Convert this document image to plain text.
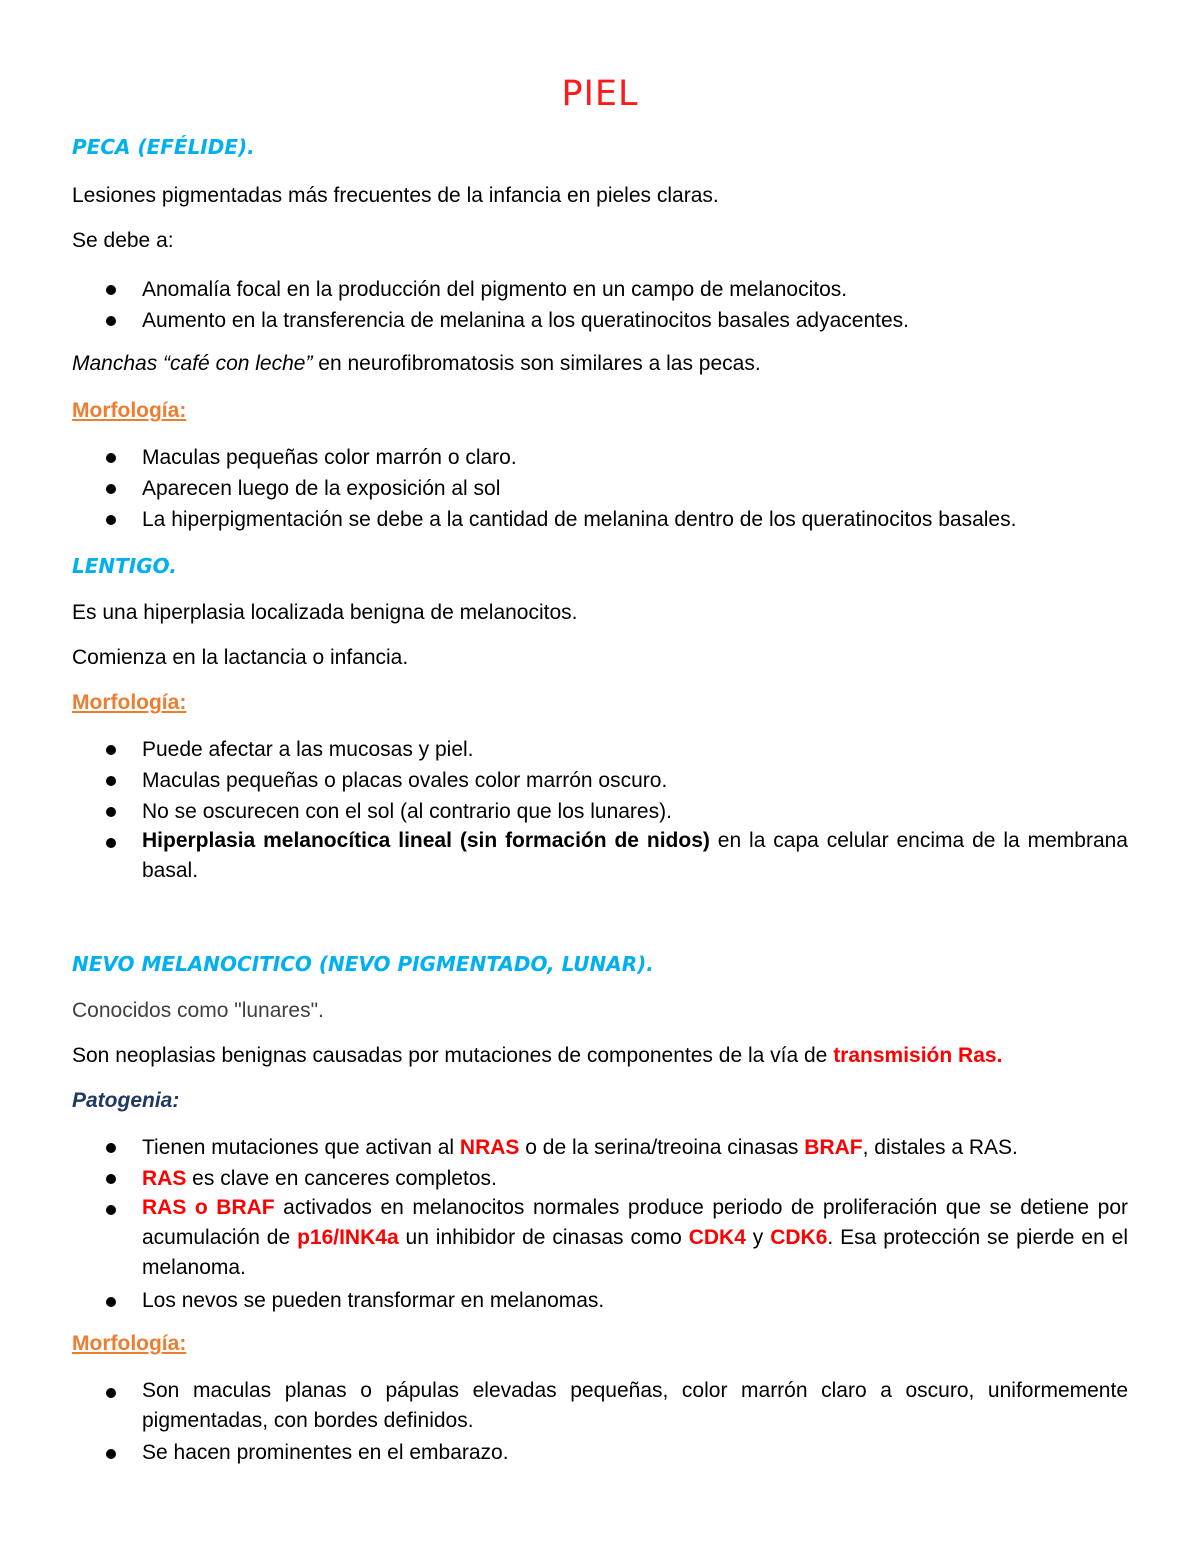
PIEL
PECA (EFÉLIDE).
Lesiones pigmentadas más frecuentes de la infancia en pieles claras.
Se debe a:
Anomalía focal en la producción del pigmento en un campo de melanocitos.
Aumento en la transferencia de melanina a los queratinocitos basales adyacentes.
Manchas “café con leche” en neurofibromatosis son similares a las pecas.
Morfología:
Maculas pequeñas color marrón o claro.
Aparecen luego de la exposición al sol
La hiperpigmentación se debe a la cantidad de melanina dentro de los queratinocitos basales.
LENTIGO.
Es una hiperplasia localizada benigna de melanocitos.
Comienza en la lactancia o infancia.
Morfología:
Puede afectar a las mucosas y piel.
Maculas pequeñas o placas ovales color marrón oscuro.
No se oscurecen con el sol (al contrario que los lunares).
Hiperplasia melanocítica lineal (sin formación de nidos) en la capa celular encima de la membrana basal.
NEVO MELANOCITICO (NEVO PIGMENTADO, LUNAR).
Conocidos como "lunares".
Son neoplasias benignas causadas por mutaciones de componentes de la vía de transmisión Ras.
Patogenia:
Tienen mutaciones que activan al NRAS o de la serina/treoina cinasas BRAF, distales a RAS.
RAS es clave en canceres completos.
RAS o BRAF activados en melanocitos normales produce periodo de proliferación que se detiene por acumulación de p16/INK4a un inhibidor de cinasas como CDK4 y CDK6. Esa protección se pierde en el melanoma.
Los nevos se pueden transformar en melanomas.
Morfología:
Son maculas planas o pápulas elevadas pequeñas, color marrón claro a oscuro, uniformemente pigmentadas, con bordes definidos.
Se hacen prominentes en el embarazo.
